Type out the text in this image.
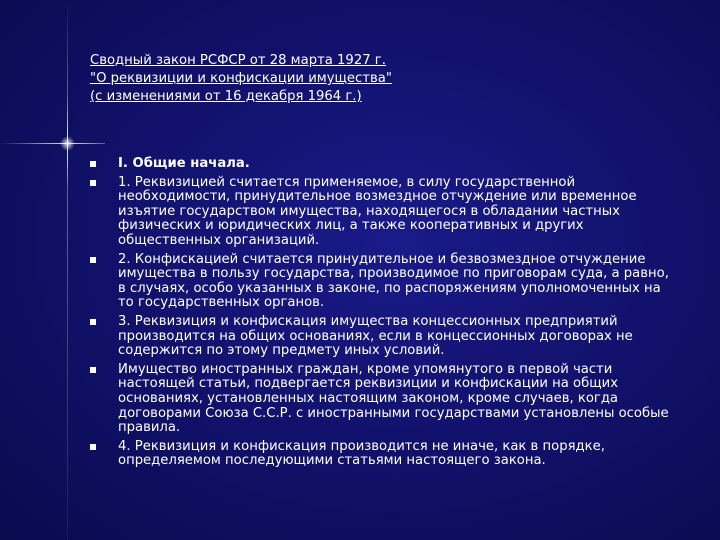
Сводный закон РСФСР от 28 марта 1927 г.
"О реквизиции и конфискации имущества"
(с изменениями от 16 декабря 1964 г.)
I. Общие начала.
1. Реквизицией считается применяемое, в силу государственной необходимости, принудительное возмездное отчуждение или временное изъятие государством имущества, находящегося в обладании частных физических и юридических лиц, а также кооперативных и других общественных организаций.
2. Конфискацией считается принудительное и безвозмездное отчуждение имущества в пользу государства, производимое по приговорам суда, а равно, в случаях, особо указанных в законе, по распоряжениям уполномоченных на то государственных органов.
3. Реквизиция и конфискация имущества концессионных предприятий производится на общих основаниях, если в концессионных договорах не содержится по этому предмету иных условий.
Имущество иностранных граждан, кроме упомянутого в первой части настоящей статьи, подвергается реквизиции и конфискации на общих основаниях, установленных настоящим законом, кроме случаев, когда договорами Союза С.С.Р. с иностранными государствами установлены особые правила.
4. Реквизиция и конфискация производится не иначе, как в порядке, определяемом последующими статьями настоящего закона.
